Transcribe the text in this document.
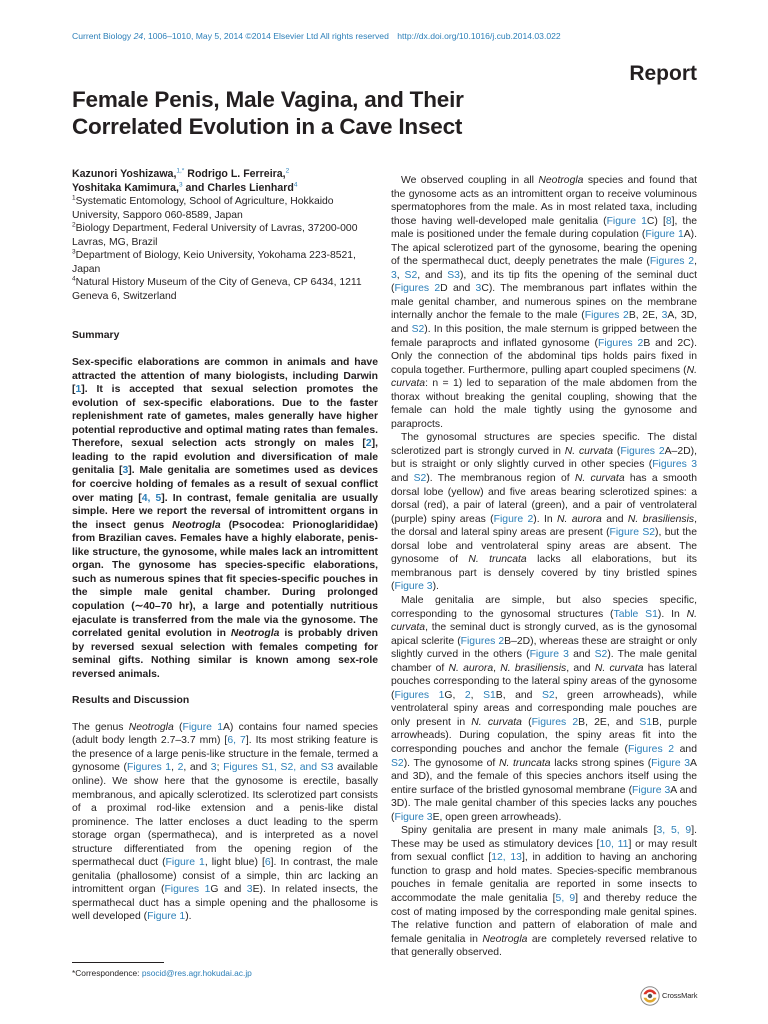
Current Biology 24, 1006–1010, May 5, 2014 ©2014 Elsevier Ltd All rights reserved http://dx.doi.org/10.1016/j.cub.2014.03.022
Report
Female Penis, Male Vagina, and Their Correlated Evolution in a Cave Insect

Kazunori Yoshizawa,$^{1,*}$ Rodrigo L. Ferreira,$^2$

Yoshitaka Kamimura,$^3$ and Charles Lienhard$^4$

$^1$Systematic Entomology, School of Agriculture, Hokkaido University, Sapporo 060-8589, Japan

$^2$Biology Department, Federal University of Lavras, 37200-000 Lavras, MG, Brazil

$^3$Department of Biology, Keio University, Yokohama 223-8521, Japan

$^4$Natural History Museum of the City of Geneva, CP 6434, 1211 Geneva 6, Switzerland

Summary

Sex-specific elaborations are common in animals and have attracted the attention of many biologists, including Darwin [1]. It is accepted that sexual selection promotes the evolution of sex-specific elaborations. Due to the faster replenishment rate of gametes, males generally have higher potential reproductive and optimal mating rates than females. Therefore, sexual selection acts strongly on males [2], leading to the rapid evolution and diversification of male genitalia [3]. Male genitalia are sometimes used as devices for coercive holding of females as a result of sexual conflict over mating [4, 5]. In contrast, female genitalia are usually simple. Here we report the reversal of intromittent organs in the insect genus Neotrogla (Psocodea: Prionoglarididae) from Brazilian caves. Females have a highly elaborate, penis-like structure, the gynosome, while males lack an intromittent organ. The gynosome has species-specific elaborations, such as numerous spines that fit species-specific pouches in the simple male genital chamber. During prolonged copulation (∼40–70 hr), a large and potentially nutritious ejaculate is transferred from the male via the gynosome. The correlated genital evolution in Neotrogla is probably driven by reversed sexual selection with females competing for seminal gifts. Nothing similar is known among sex-role reversed animals.

Results and Discussion

The genus Neotrogla (Figure 1A) contains four named species (adult body length 2.7–3.7 mm) [6, 7]. Its most striking feature is the presence of a large penis-like structure in the female, termed a gynosome (Figures 1, 2, and 3; Figures S1, S2, and S3 available online). We show here that the gynosome is erectile, basally membranous, and apically sclerotized. Its sclerotized part consists of a proximal rod-like extension and a penis-like distal prominence. The latter encloses a duct leading to the sperm storage organ (spermatheca), and is interpreted as a novel structure differentiated from the opening region of the spermathecal duct (Figure 1, light blue) [6]. In contrast, the male genitalia (phallosome) consist of a simple, thin arc lacking an intromittent organ (Figures 1G and 3E). In related insects, the spermathecal duct has a simple opening and the phallosome is well developed (Figure 1).

We observed coupling in all Neotrogla species and found that the gynosome acts as an intromittent organ to receive voluminous spermatophores from the male. As in most related taxa, including those having well-developed male genitalia (Figure 1C) [8], the male is positioned under the female during copulation (Figure 1A). The apical sclerotized part of the gynosome, bearing the opening of the spermathecal duct, deeply penetrates the male (Figures 2, 3, S2, and S3), and its tip fits the opening of the seminal duct (Figures 2D and 3C). The membranous part inflates within the male genital chamber, and numerous spines on the membrane internally anchor the female to the male (Figures 2B, 2E, 3A, 3D, and S2). In this position, the male sternum is gripped between the female paraprocts and inflated gynosome (Figures 2B and 2C). Only the connection of the abdominal tips holds pairs fixed in copula together. Furthermore, pulling apart coupled specimens (N. curvata: n = 1) led to separation of the male abdomen from the thorax without breaking the genital coupling, showing that the female can hold the male tightly using the gynosome and paraprocts.

The gynosomal structures are species specific. The distal sclerotized part is strongly curved in N. curvata (Figures 2A–2D), but is straight or only slightly curved in other species (Figures 3 and S2). The membranous region of N. curvata has a smooth dorsal lobe (yellow) and five areas bearing sclerotized spines: a dorsal (red), a pair of lateral (green), and a pair of ventrolateral (purple) spiny areas (Figure 2). In N. aurora and N. brasiliensis, the dorsal and lateral spiny areas are present (Figure S2), but the dorsal lobe and ventrolateral spiny areas are absent. The gynosome of N. truncata lacks all elaborations, but its membranous part is densely covered by tiny bristled spines (Figure 3).

Male genitalia are simple, but also species specific, corresponding to the gynosomal structures (Table S1). In N. curvata, the seminal duct is strongly curved, as is the gynosomal apical sclerite (Figures 2B–2D), whereas these are straight or only slightly curved in the others (Figure 3 and S2). The male genital chamber of N. aurora, N. brasiliensis, and N. curvata has lateral pouches corresponding to the lateral spiny areas of the gynosome (Figures 1G, 2, S1B, and S2, green arrowheads), while ventrolateral spiny areas and corresponding male pouches are only present in N. curvata (Figures 2B, 2E, and S1B, purple arrowheads). During copulation, the spiny areas fit into the corresponding pouches and anchor the female (Figures 2 and S2). The gynosome of N. truncata lacks strong spines (Figure 3A and 3D), and the female of this species anchors itself using the entire surface of the bristled gynosomal membrane (Figure 3A and 3D). The male genital chamber of this species lacks any pouches (Figure 3E, open green arrowheads).

Spiny genitalia are present in many male animals [3, 5, 9]. These may be used as stimulatory devices [10, 11] or may result from sexual conflict [12, 13], in addition to having an anchoring function to grasp and hold mates. Species-specific membranous pouches in female genitalia are reported in some insects to accommodate the male genitalia [5, 9] and thereby reduce the cost of mating imposed by the corresponding male genital spines. The relative function and pattern of elaboration of male and female genitalia in Neotrogla are completely reversed relative to that generally observed.

*Correspondence: psocid@res.agr.hokudai.ac.jp
CrossMark
